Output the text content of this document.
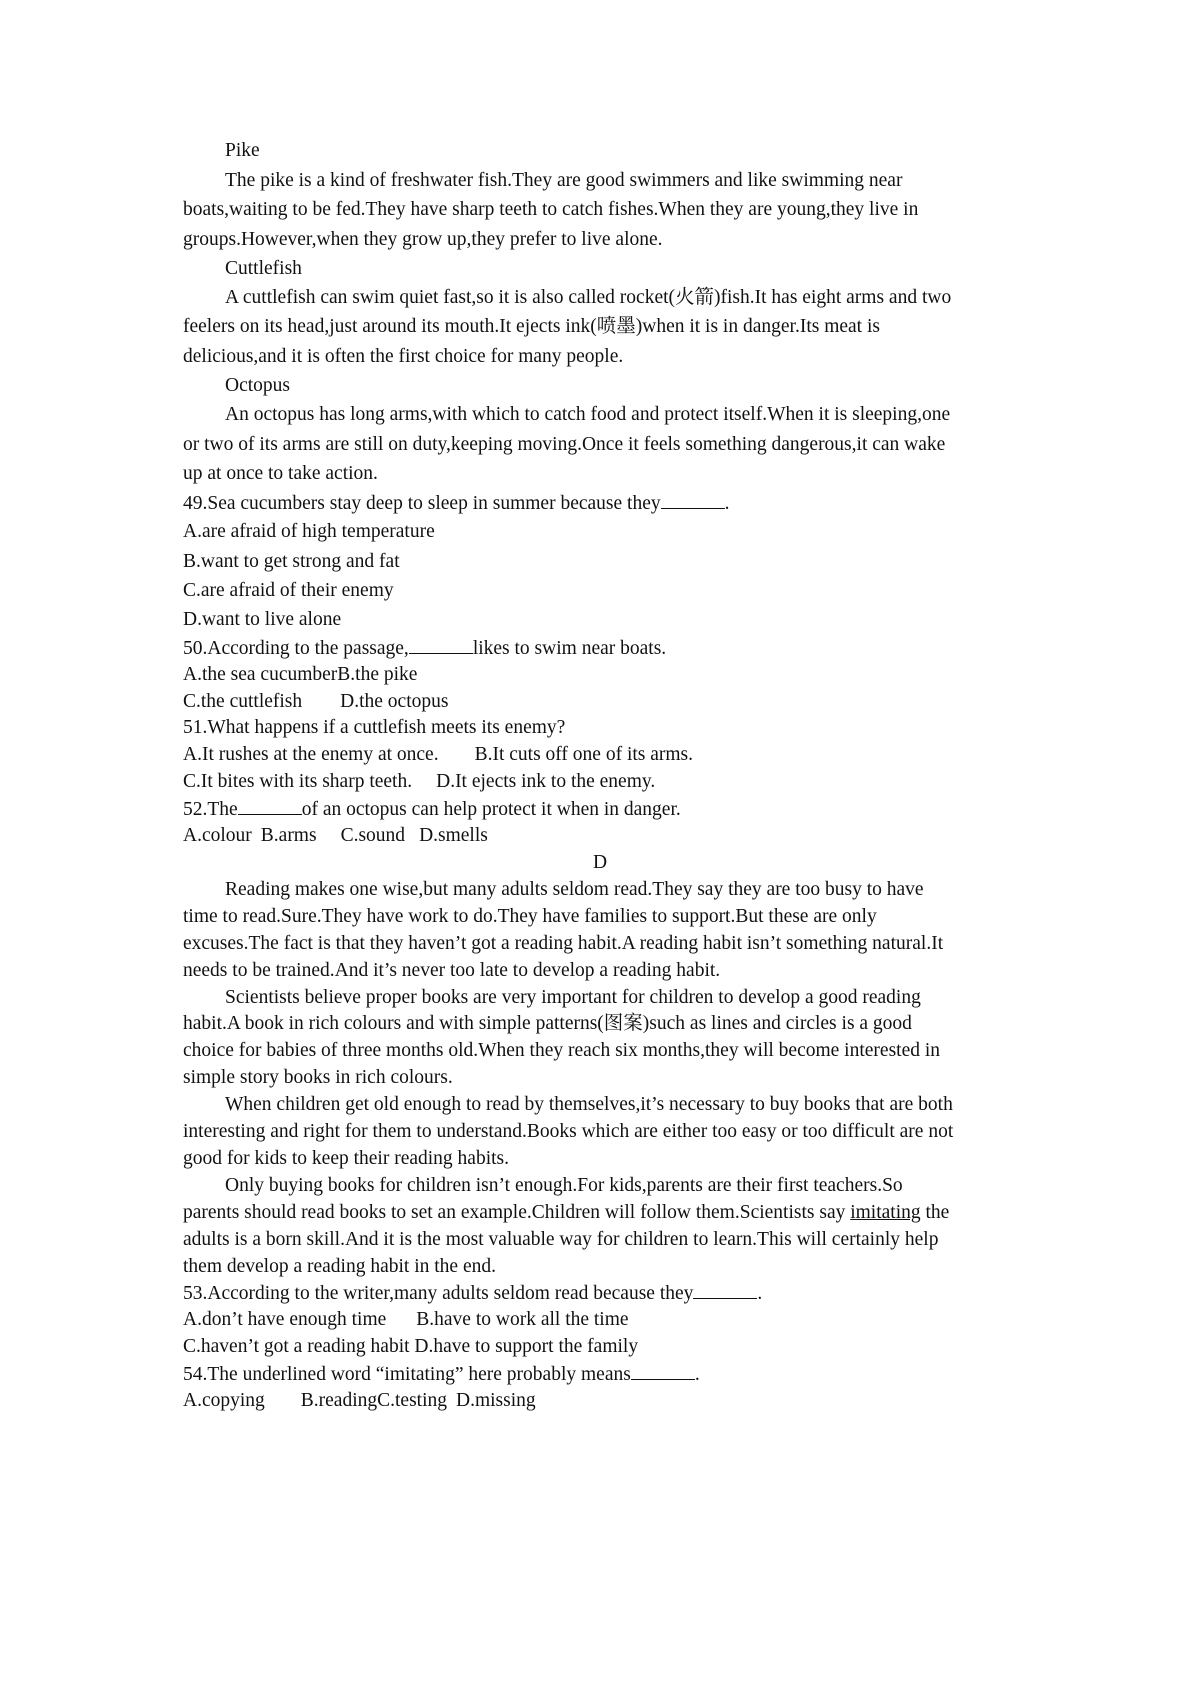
Pike
The pike is a kind of freshwater fish.They are good swimmers and like swimming near
boats,waiting to be fed.They have sharp teeth to catch fishes.When they are young,they live in
groups.However,when they grow up,they prefer to live alone.
Cuttlefish
A cuttlefish can swim quiet fast,so it is also called rocket(火箭)fish.It has eight arms and two
feelers on its head,just around its mouth.It ejects ink(喷墨)when it is in danger.Its meat is
delicious,and it is often the first choice for many people.
Octopus
An octopus has long arms,with which to catch food and protect itself.When it is sleeping,one
or two of its arms are still on duty,keeping moving.Once it feels something dangerous,it can wake
up at once to take action.
49.Sea cucumbers stay deep to sleep in summer because they	.
A.are afraid of high temperature
B.want to get strong and fat
C.are afraid of their enemy
D.want to live alone
50.According to the passage,	likes to swim near boats.
A.the sea cucumberB.the pike
C.the cuttlefish D.the octopus
51.What happens if a cuttlefish meets its enemy?
A.It rushes at the enemy at once. B.It cuts off one of its arms.
C.It bites with its sharp teeth. D.It ejects ink to the enemy.
52.The	of an octopus can help protect it when in danger.
A.colour B.arms C.sound D.smells
D
Reading makes one wise,but many adults seldom read.They say they are too busy to have
time to read.Sure.They have work to do.They have families to support.But these are only
excuses.The fact is that they haven’t got a reading habit.A reading habit isn’t something natural.It
needs to be trained.And it’s never too late to develop a reading habit.
Scientists believe proper books are very important for children to develop a good reading
habit.A book in rich colours and with simple patterns(图案)such as lines and circles is a good
choice for babies of three months old.When they reach six months,they will become interested in
simple story books in rich colours.
When children get old enough to read by themselves,it’s necessary to buy books that are both
interesting and right for them to understand.Books which are either too easy or too difficult are not
good for kids to keep their reading habits.
Only buying books for children isn’t enough.For kids,parents are their first teachers.So
parents should read books to set an example.Children will follow them.Scientists say imitating the
adults is a born skill.And it is the most valuable way for children to learn.This will certainly help
them develop a reading habit in the end.
53.According to the writer,many adults seldom read because they	.
A.don’t have enough time B.have to work all the time
C.haven’t got a reading habit D.have to support the family
54.The underlined word “imitating” here probably means	.
A.copying B.readingC.testing D.missing
